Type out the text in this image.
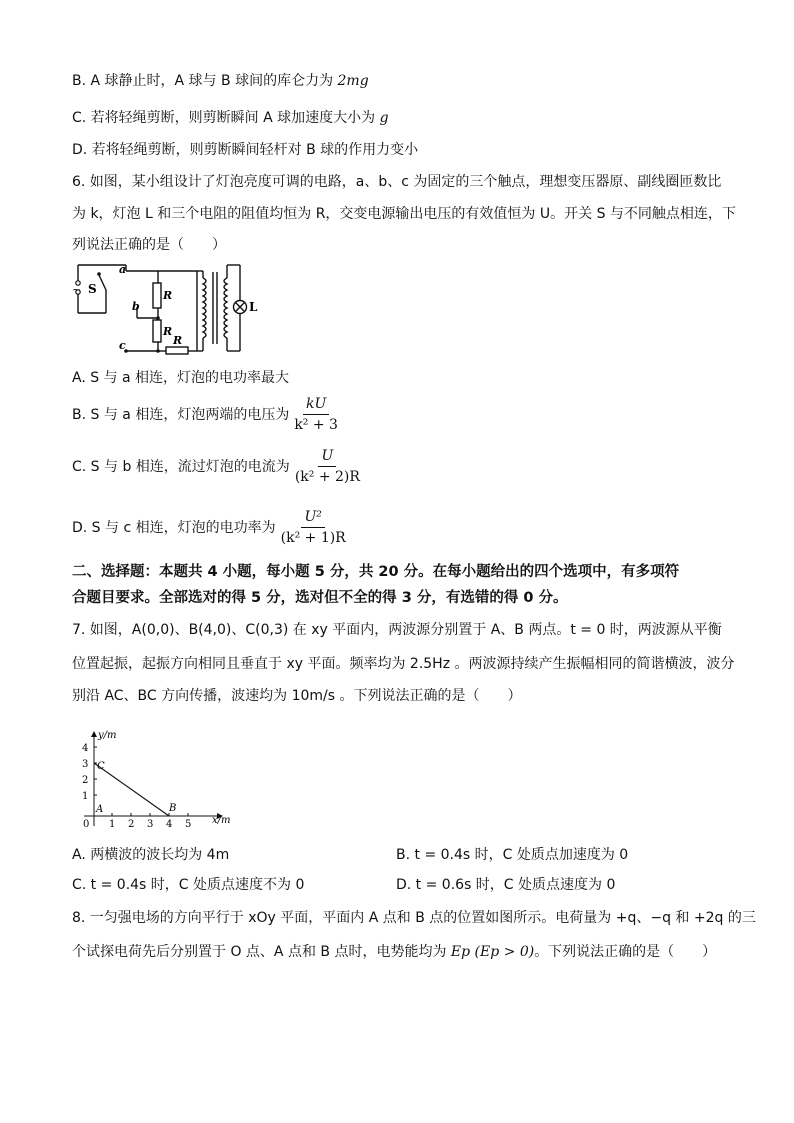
B. A 球静止时，A 球与 B 球间的库仑力为 2mg
C. 若将轻绳剪断，则剪断瞬间 A 球加速度大小为 g
D. 若将轻绳剪断，则剪断瞬间轻杆对 B 球的作用力变小
6. 如图，某小组设计了灯泡亮度可调的电路，a、b、c 为固定的三个触点，理想变压器原、副线圈匝数比
为 k，灯泡 L 和三个电阻的阻值均恒为 R，交变电源输出电压的有效值恒为 U。开关 S 与不同触点相连，下
列说法正确的是（　　）
~ S
a
b
c
R
R
R
L
A. S 与 a 相连，灯泡的电功率最大
B. S 与 a 相连，灯泡两端的电压为 $\frac{kU}{\text{k² + 3}}$
C. S 与 b 相连，流过灯泡的电流为 $\frac{U}{\text{(k² + 2)R}}$
D. S 与 c 相连，灯泡的电功率为 $\frac{\text{U²}}{\text{(k² + 1)R}}$
二、选择题：本题共 4 小题，每小题 5 分，共 20 分。在每小题给出的四个选项中，有多项符
合题目要求。全部选对的得 5 分，选对但不全的得 3 分，有选错的得 0 分。
7. 如图，A(0,0)、B(4,0)、C(0,3) 在 xy 平面内，两波源分别置于 A、B 两点。t = 0 时，两波源从平衡
位置起振，起振方向相同且垂直于 xy 平面。频率均为 2.5Hz 。两波源持续产生振幅相同的简谐横波，波分
别沿 AC、BC 方向传播，波速均为 10m/s 。下列说法正确的是（　　）
y/m
x/m
0 1 2 3 4 5
1
2
3
4
A	B
C
A. 两横波的波长均为 4m	B. t = 0.4s 时，C 处质点加速度为 0
C. t = 0.4s 时，C 处质点速度不为 0	D. t = 0.6s 时，C 处质点速度为 0
8. 一匀强电场的方向平行于 xOy 平面，平面内 A 点和 B 点的位置如图所示。电荷量为 +q、−q 和 +2q 的三
个试探电荷先后分别置于 O 点、A 点和 B 点时，电势能均为 Ep (Ep > 0)。下列说法正确的是（　　）
